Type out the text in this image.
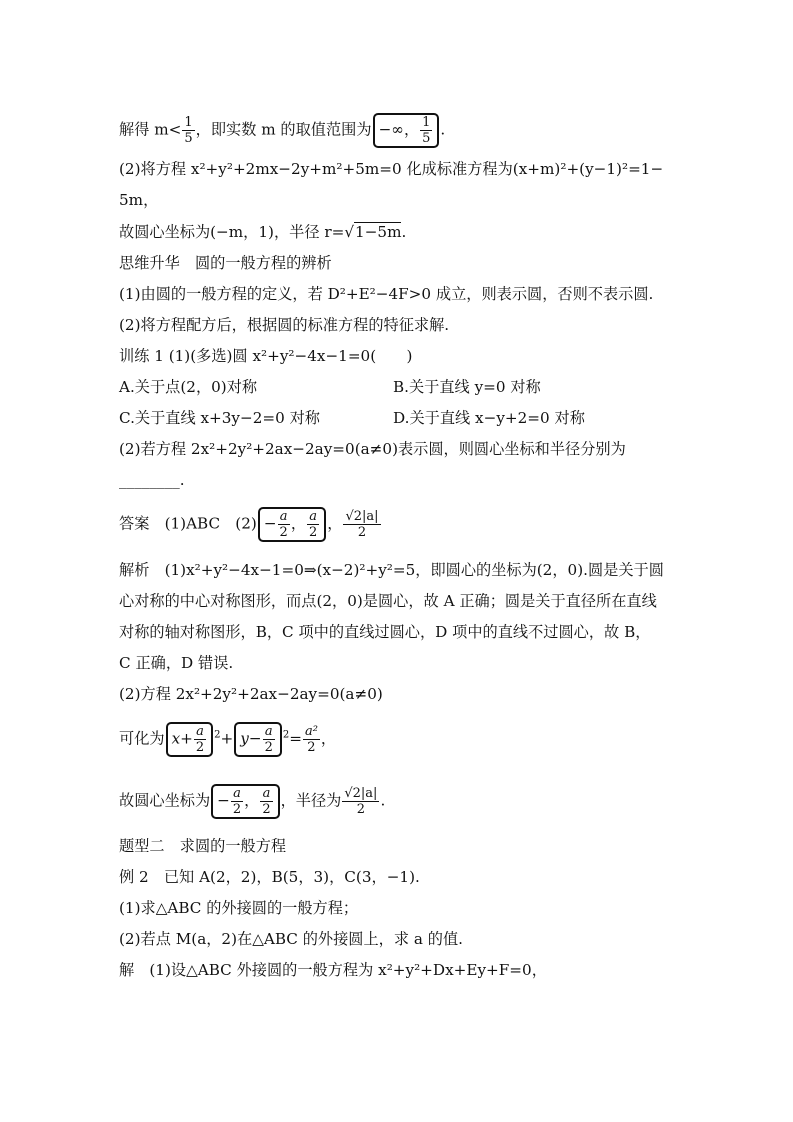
解得 $m< \frac{1}{5}$ ，即实数 m 的取值范围为 −∞， $\frac{1}{5}$ .
(2)将方程 x²+y²+2mx−2y+m²+5m=0 化成标准方程为(x+m)²+(y−1)²=1−
5m，
故圆心坐标为(−m，1)，半径 r=√1−5m.
思维升华　圆的一般方程的辨析
(1)由圆的一般方程的定义，若 D²+E²−4F>0 成立，则表示圆，否则不表示圆.
(2)将方程配方后，根据圆的标准方程的特征求解.
训练 1 (1)(多选)圆 x²+y²−4x−1=0(　　)
A.关于点(2，0)对称	B.关于直线 y=0 对称
C.关于直线 x+3y−2=0 对称	D.关于直线 x−y+2=0 对称
(2)若方程 2x²+2y²+2ax−2ay=0(a≠0)表示圆，则圆心坐标和半径分别为
________.
答案　(1)ABC　$(2) - \frac{a}{2}$ ， $\frac{a}{2}$ ， $\frac{√2|a|}{2}$
解析　(1)x²+y²−4x−1=0⇒(x−2)²+y²=5，即圆心的坐标为(2，0).圆是关于圆
心对称的中心对称图形，而点(2，0)是圆心，故 A 正确；圆是关于直径所在直线
对称的轴对称图形，B，C 项中的直线过圆心，D 项中的直线不过圆心，故 B，
C 正确，D 错误.
(2)方程 2x²+2y²+2ax−2ay=0(a≠0)
可化为 $x+ \frac{a}{2} ^2+ y- \frac{a}{2} ^2= \frac{\text{a²}}{2}$ ，
故圆心坐标为 − $\frac{a}{2}$ ， $\frac{a}{2}$ ，半径为 $\frac{√2|a|}{2}$ .
题型二　求圆的一般方程
例 2　已知 A(2，2)，B(5，3)，C(3，−1).
(1)求△ABC 的外接圆的一般方程；
(2)若点 M(a，2)在△ABC 的外接圆上，求 a 的值.
解　(1)设△ABC 外接圆的一般方程为 x²+y²+Dx+Ey+F=0，
